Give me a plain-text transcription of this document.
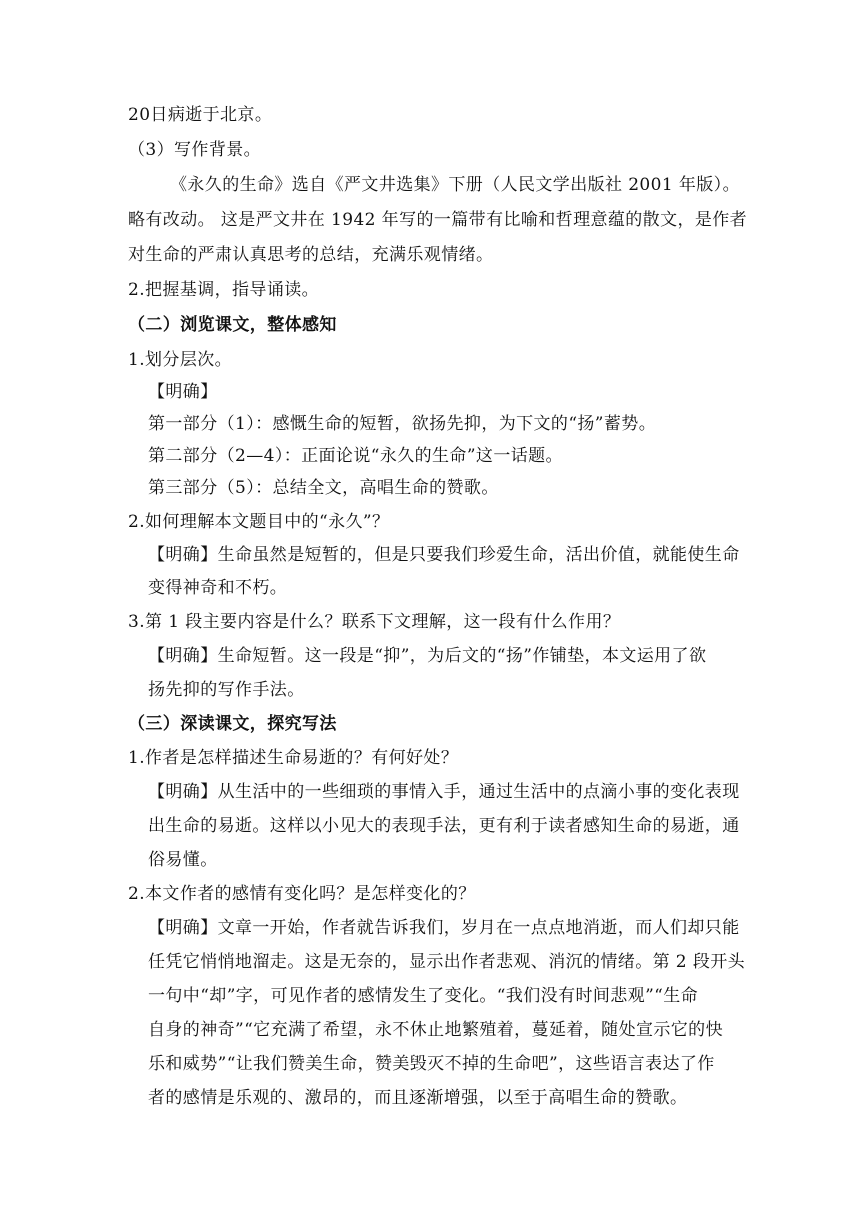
20日病逝于北京。
（3）写作背景。
《永久的生命》选自《严文井选集》下册（人民文学出版社 2001 年版）。
略有改动。 这是严文井在 1942 年写的一篇带有比喻和哲理意蕴的散文，是作者
对生命的严肃认真思考的总结，充满乐观情绪。
2.把握基调，指导诵读。
（二）浏览课文，整体感知
1.划分层次。
【明确】
第一部分（1）：感慨生命的短暂，欲扬先抑，为下文的“扬”蓄势。
第二部分（2—4）：正面论说“永久的生命”这一话题。
第三部分（5）：总结全文，高唱生命的赞歌。
2.如何理解本文题目中的“永久”？
【明确】生命虽然是短暂的，但是只要我们珍爱生命，活出价值，就能使生命
变得神奇和不朽。
3.第 1 段主要内容是什么？联系下文理解，这一段有什么作用？
【明确】生命短暂。这一段是“抑”，为后文的“扬”作铺垫，本文运用了欲
扬先抑的写作手法。
（三）深读课文，探究写法
1.作者是怎样描述生命易逝的？有何好处？
【明确】从生活中的一些细琐的事情入手，通过生活中的点滴小事的变化表现
出生命的易逝。这样以小见大的表现手法，更有利于读者感知生命的易逝，通
俗易懂。
2.本文作者的感情有变化吗？是怎样变化的？
【明确】文章一开始，作者就告诉我们，岁月在一点点地消逝，而人们却只能
任凭它悄悄地溜走。这是无奈的，显示出作者悲观、消沉的情绪。第 2 段开头
一句中“却”字，可见作者的感情发生了变化。“我们没有时间悲观”“生命
自身的神奇”“它充满了希望，永不休止地繁殖着，蔓延着，随处宣示它的快
乐和威势”“让我们赞美生命，赞美毁灭不掉的生命吧”，这些语言表达了作
者的感情是乐观的、激昂的，而且逐渐增强，以至于高唱生命的赞歌。
